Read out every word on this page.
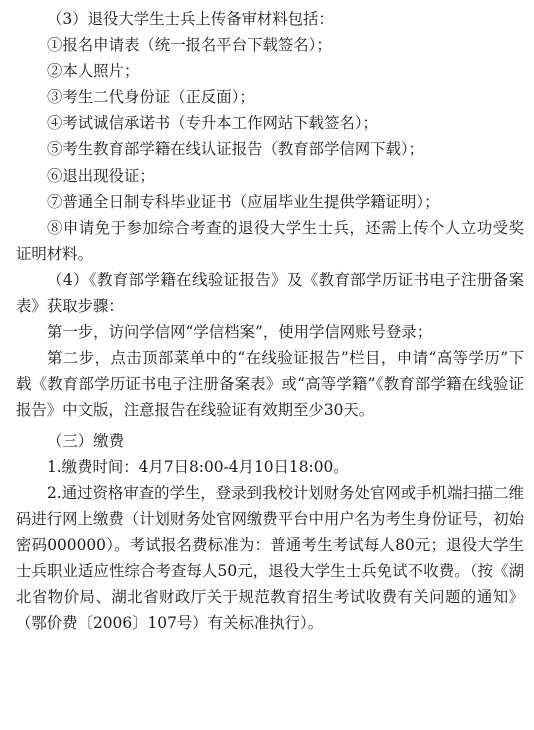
（3）退役大学生士兵上传备审材料包括：

①报名申请表（统一报名平台下载签名）；

②本人照片；

③考生二代身份证（正反面）；

④考试诚信承诺书（专升本工作网站下载签名）；

⑤考生教育部学籍在线认证报告（教育部学信网下载）；

⑥退出现役证；

⑦普通全日制专科毕业证书（应届毕业生提供学籍证明）；

⑧申请免于参加综合考查的退役大学生士兵，还需上传个人立功受奖证明材料。

（4）《教育部学籍在线验证报告》及《教育部学历证书电子注册备案表》获取步骤：

第一步，访问学信网“学信档案”，使用学信网账号登录；

第二步，点击顶部菜单中的“在线验证报告”栏目，申请“高等学历”下载《教育部学历证书电子注册备案表》或“高等学籍”《教育部学籍在线验证报告》中文版，注意报告在线验证有效期至少30天。

（三）缴费

1.缴费时间：4月7日8:00-4月10日18:00。

2.通过资格审查的学生，登录到我校计划财务处官网或手机端扫描二维码进行网上缴费（计划财务处官网缴费平台中用户名为考生身份证号，初始密码000000）。考试报名费标准为：普通考生考试每人80元；退役大学生士兵职业适应性综合考查每人50元，退役大学生士兵免试不收费。（按《湖北省物价局、湖北省财政厅关于规范教育招生考试收费有关问题的通知》（鄂价费〔2006〕107号）有关标准执行）。
